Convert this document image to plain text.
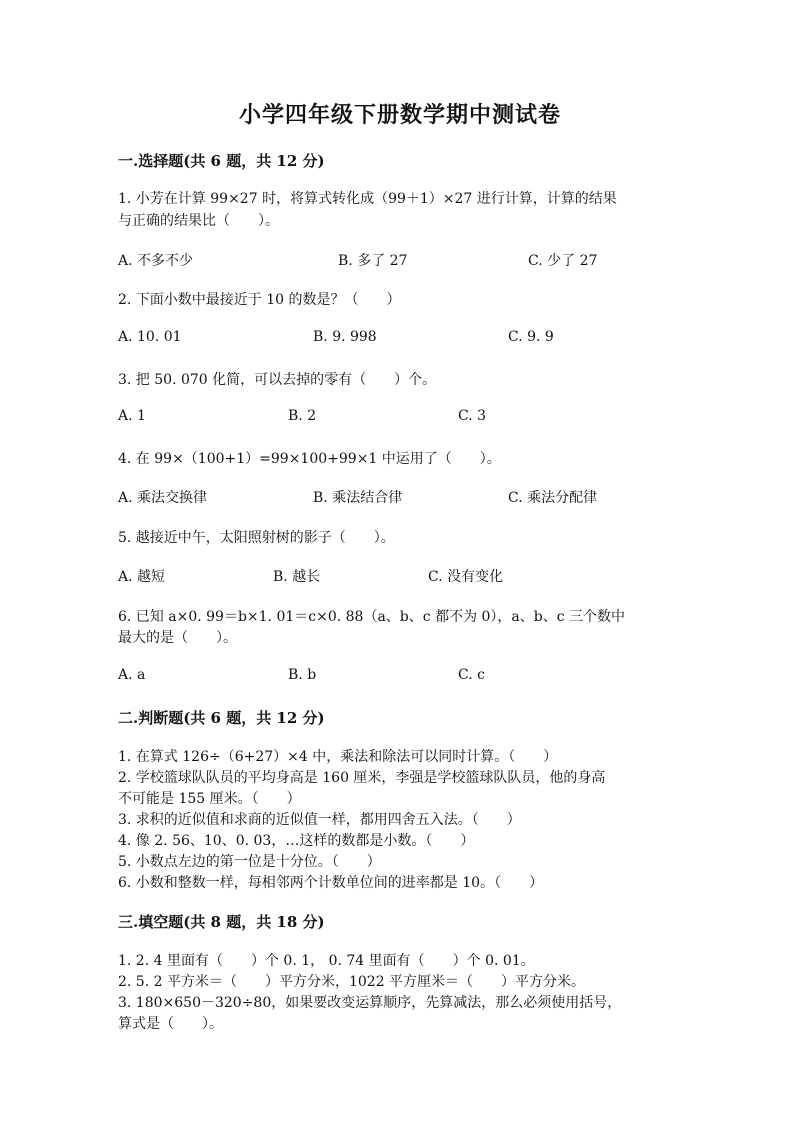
小学四年级下册数学期中测试卷
一.选择题(共 6 题，共 12 分)
1. 小芳在计算 99×27 时，将算式转化成（99＋1）×27 进行计算，计算的结果
与正确的结果比（　　）。
A. 不多不少	B. 多了 27	C. 少了 27
2. 下面小数中最接近于 10 的数是？（　　）
A. 10. 01	B. 9. 998	C. 9. 9
3. 把 50. 070 化简，可以去掉的零有（　　）个。
A. 1	B. 2	C. 3
4. 在 99×（100+1）=99×100+99×1 中运用了（　　）。
A. 乘法交换律	B. 乘法结合律	C. 乘法分配律
5. 越接近中午，太阳照射树的影子（　　）。
A. 越短	B. 越长	C. 没有变化
6. 已知 a×0. 99＝b×1. 01＝c×0. 88（a、b、c 都不为 0），a、b、c 三个数中
最大的是（　　）。
A. a	B. b	C. c
二.判断题(共 6 题，共 12 分)
1. 在算式 126÷（6+27）×4 中，乘法和除法可以同时计算。（　　）
2. 学校篮球队队员的平均身高是 160 厘米，李强是学校篮球队队员，他的身高
不可能是 155 厘米。（　　）
3. 求积的近似值和求商的近似值一样，都用四舍五入法。（　　）
4. 像 2. 56、10、0. 03，…这样的数都是小数。（　　）
5. 小数点左边的第一位是十分位。（　　）
6. 小数和整数一样，每相邻两个计数单位间的进率都是 10。（　　）
三.填空题(共 8 题，共 18 分)
1. 2. 4 里面有（　　）个 0. 1， 0. 74 里面有（　　）个 0. 01。
2. 5. 2 平方米＝（　　）平方分米，1022 平方厘米＝（　　）平方分米。
3. 180×650－320÷80，如果要改变运算顺序，先算减法，那么必须使用括号，
算式是（　　）。
